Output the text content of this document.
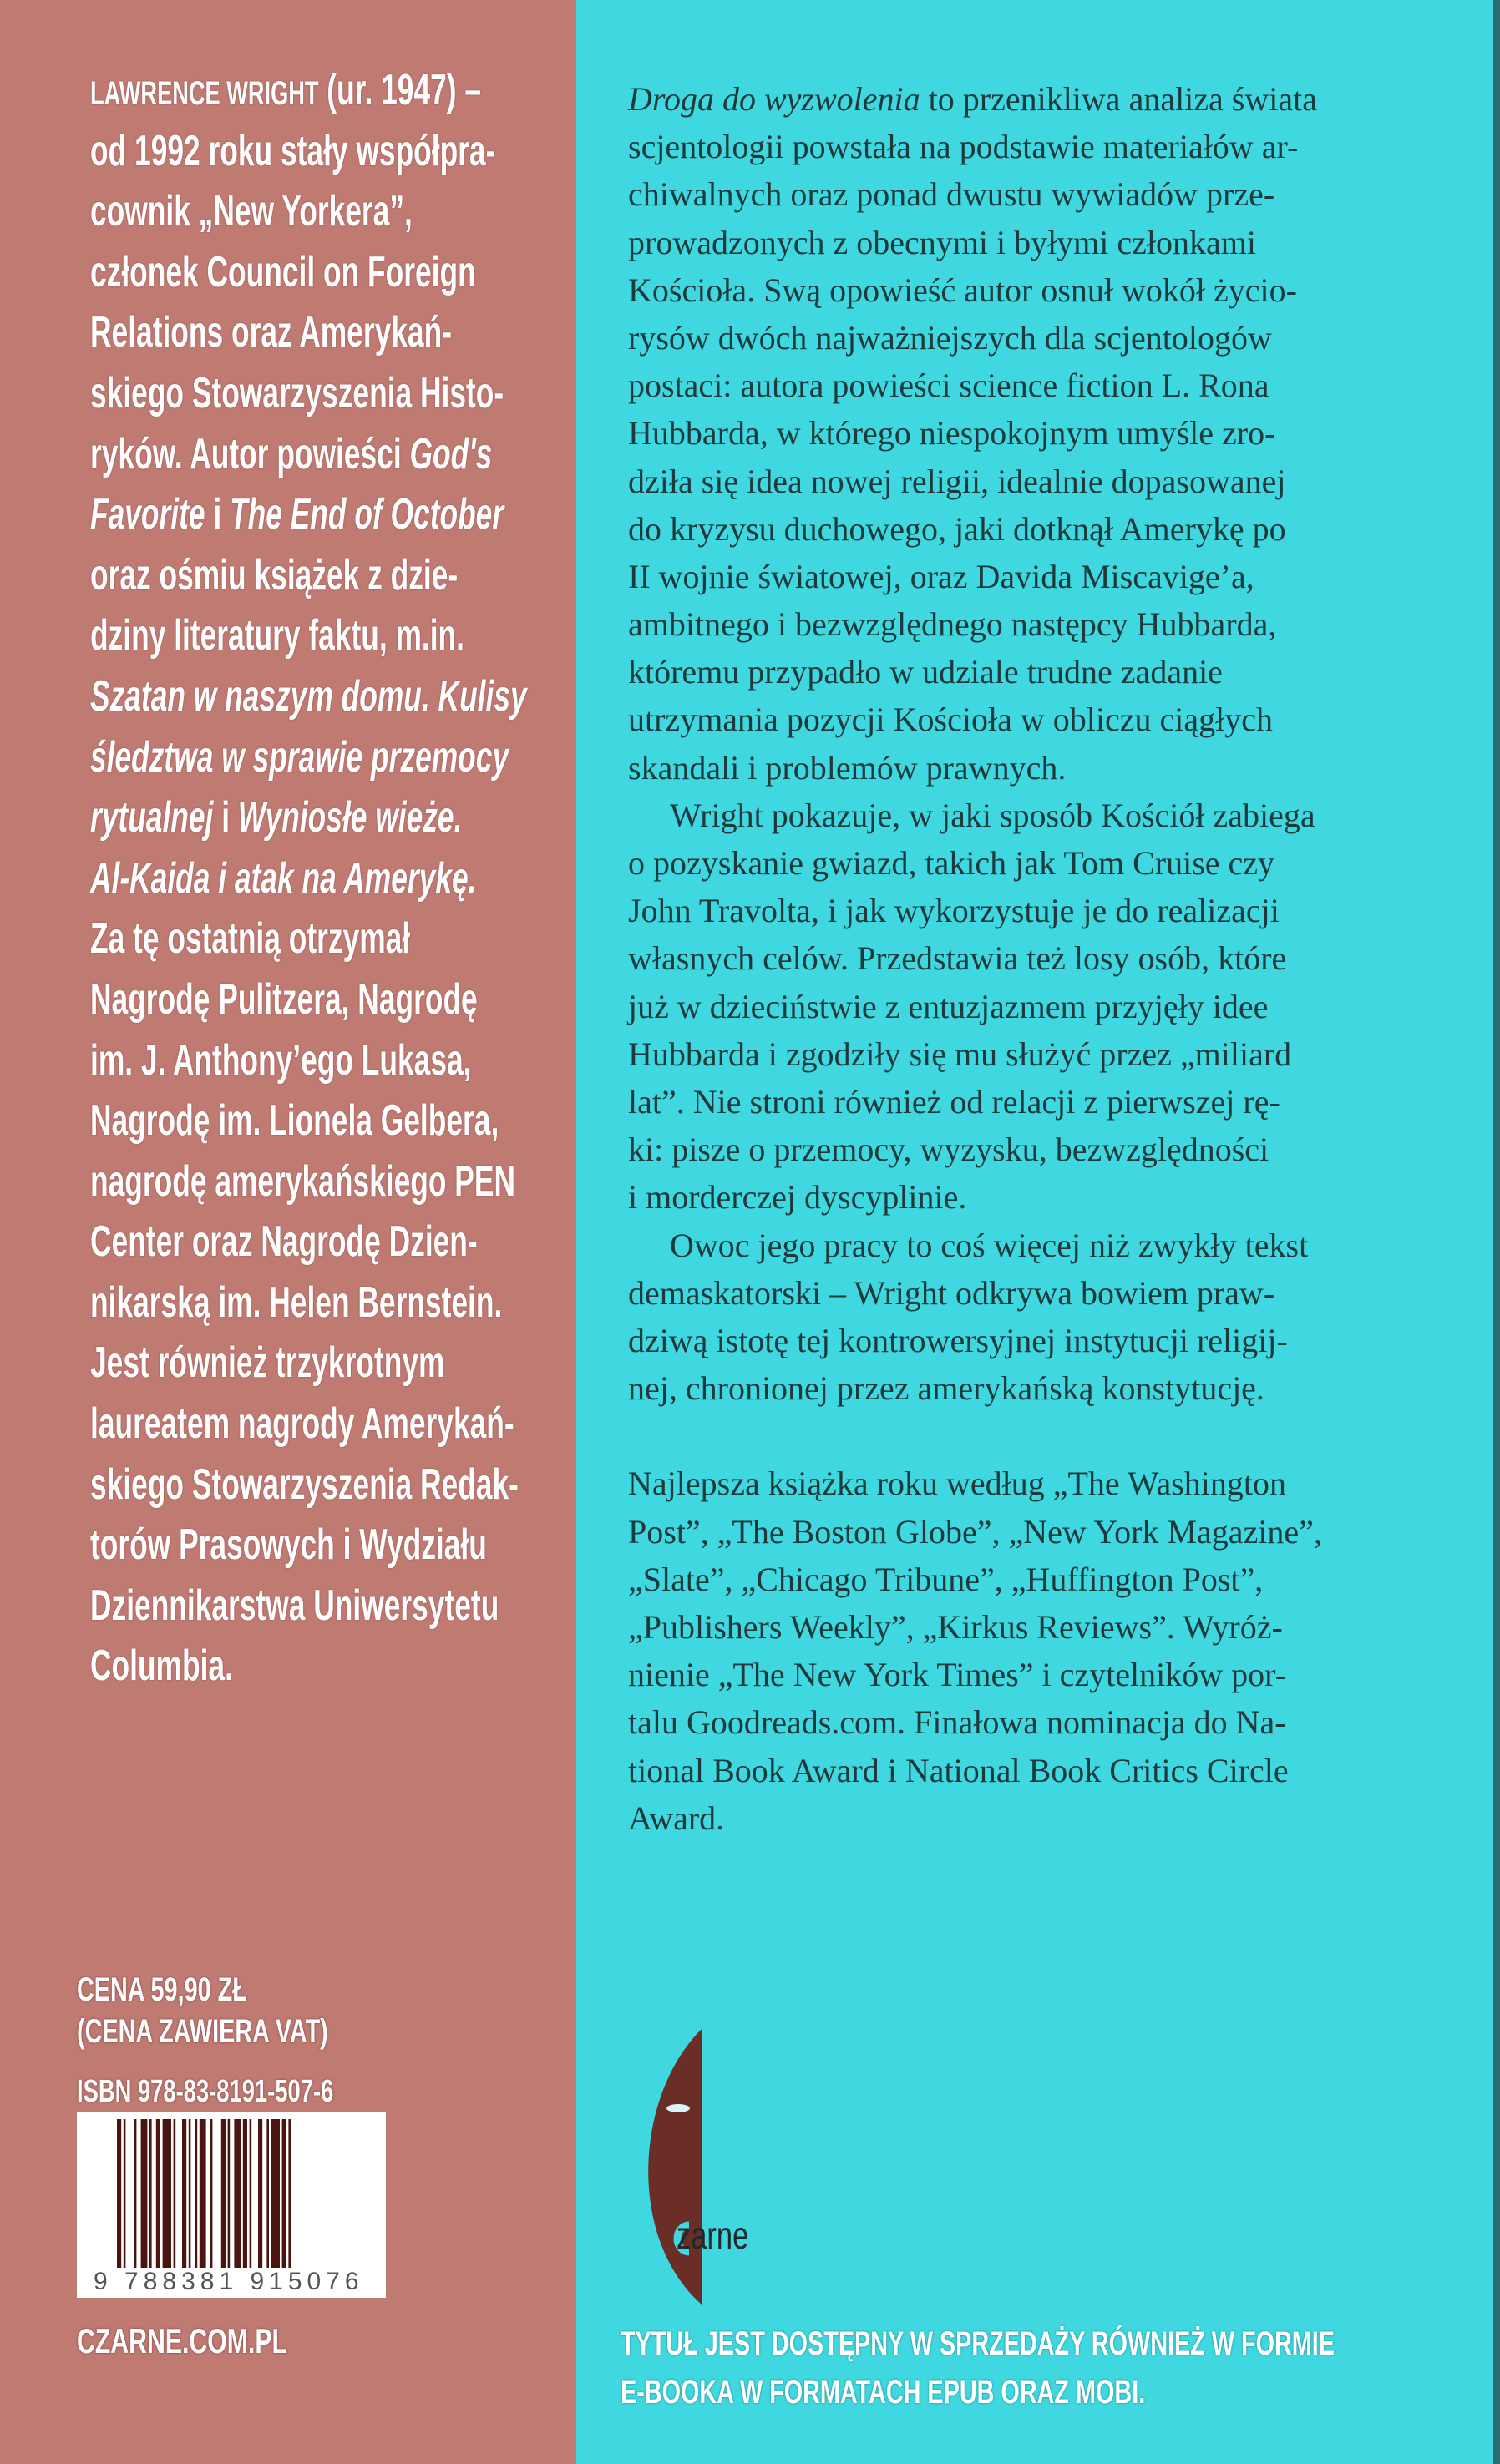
LAWRENCE WRIGHT (ur. 1947) –
od 1992 roku stały współpra-
cownik „New Yorkera”,
członek Council on Foreign
Relations oraz Amerykań-
skiego Stowarzyszenia Histo-
ryków. Autor powieści God's
Favorite i The End of October
oraz ośmiu książek z dzie-
dziny literatury faktu, m.in.
Szatan w naszym domu. Kulisy
śledztwa w sprawie przemocy
rytualnej i Wyniosłe wieże.
Al-Kaida i atak na Amerykę.
Za tę ostatnią otrzymał
Nagrodę Pulitzera, Nagrodę
im. J. Anthony’ego Lukasa,
Nagrodę im. Lionela Gelbera,
nagrodę amerykańskiego PEN
Center oraz Nagrodę Dzien-
nikarską im. Helen Bernstein.
Jest również trzykrotnym
laureatem nagrody Amerykań-
skiego Stowarzyszenia Redak-
torów Prasowych i Wydziału
Dziennikarstwa Uniwersytetu
Columbia.
Droga do wyzwolenia to przenikliwa analiza świata
scjentologii powstała na podstawie materiałów ar-
chiwalnych oraz ponad dwustu wywiadów prze-
prowadzonych z obecnymi i byłymi członkami
Kościoła. Swą opowieść autor osnuł wokół życio-
rysów dwóch najważniejszych dla scjentologów
postaci: autora powieści science fiction L. Rona
Hubbarda, w którego niespokojnym umyśle zro-
dziła się idea nowej religii, idealnie dopasowanej
do kryzysu duchowego, jaki dotknął Amerykę po
II wojnie światowej, oraz Davida Miscavige’a,
ambitnego i bezwzględnego następcy Hubbarda,
któremu przypadło w udziale trudne zadanie
utrzymania pozycji Kościoła w obliczu ciągłych
skandali i problemów prawnych.
Wright pokazuje, w jaki sposób Kościół zabiega
o pozyskanie gwiazd, takich jak Tom Cruise czy
John Travolta, i jak wykorzystuje je do realizacji
własnych celów. Przedstawia też losy osób, które
już w dzieciństwie z entuzjazmem przyjęły idee
Hubbarda i zgodziły się mu służyć przez „miliard
lat”. Nie stroni również od relacji z pierwszej rę-
ki: pisze o przemocy, wyzysku, bezwzględności
i morderczej dyscyplinie.
Owoc jego pracy to coś więcej niż zwykły tekst
demaskatorski – Wright odkrywa bowiem praw-
dziwą istotę tej kontrowersyjnej instytucji religij-
nej, chronionej przez amerykańską konstytucję.
Najlepsza książka roku według „The Washington
Post”, „The Boston Globe”, „New York Magazine”,
„Slate”, „Chicago Tribune”, „Huffington Post”,
„Publishers Weekly”, „Kirkus Reviews”. Wyróż-
nienie „The New York Times” i czytelników por-
talu Goodreads.com. Finałowa nominacja do Na-
tional Book Award i National Book Critics Circle
Award.
CENA 59,90 ZŁ
(CENA ZAWIERA VAT)
ISBN 978-83-8191-507-6
9 788381 915076
CZARNE.COM.PL
zarne
TYTUŁ JEST DOSTĘPNY W SPRZEDAŻY RÓWNIEŻ W FORMIE
E-BOOKA W FORMATACH EPUB ORAZ MOBI.
